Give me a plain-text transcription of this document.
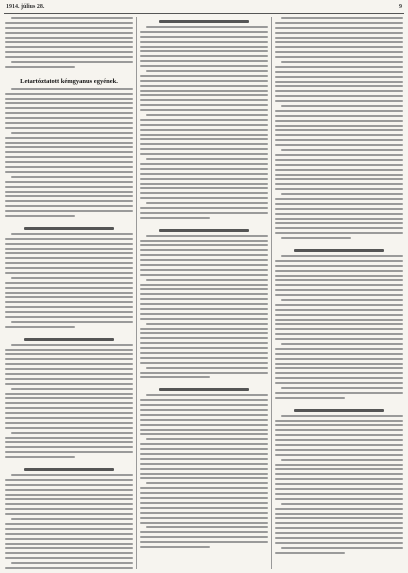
1914. július 28.	9
Letartóztatott kémgyanus egyének.
